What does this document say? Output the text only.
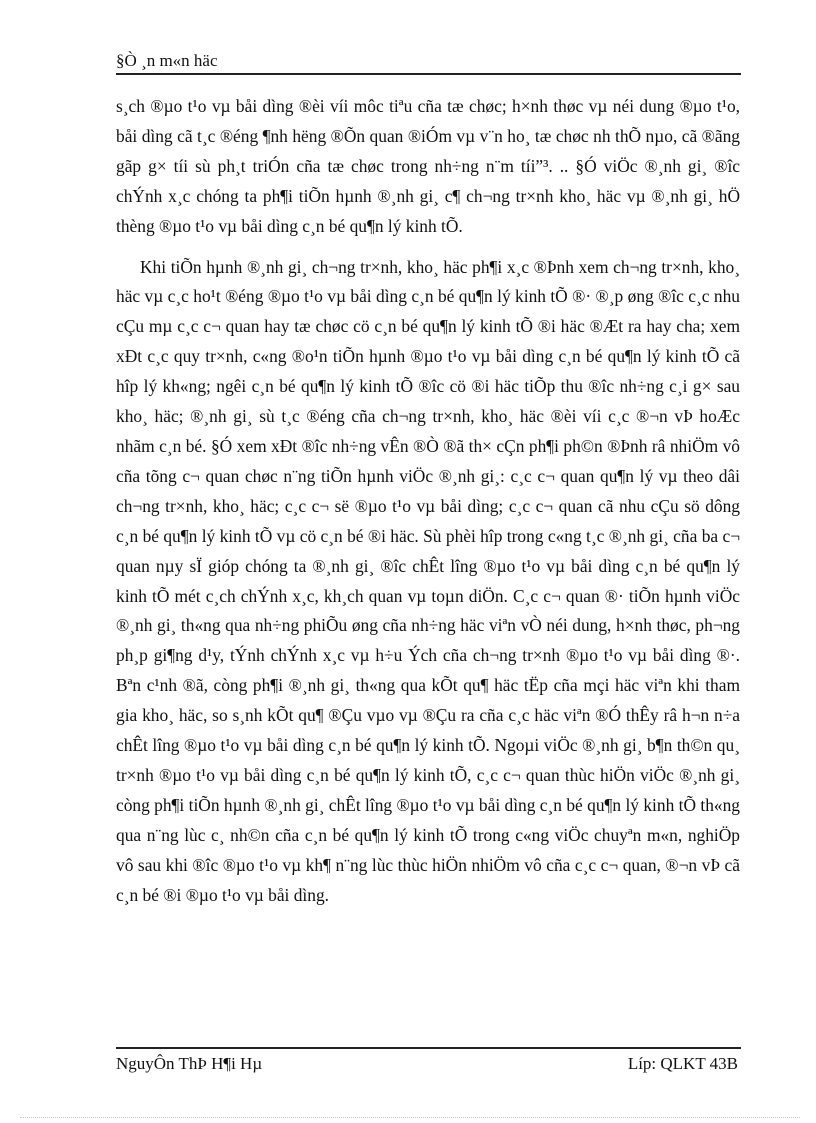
§Ò ¸n m«n häc

s¸ch ®µo t¹o vµ båi dìng ®èi víi môc tiªu cña tæ chøc; h×nh thøc vµ néi dung ®µo t¹o, båi dìng cã t¸c ®éng ¶nh hëng ®Õn quan ®iÓm vµ v¨n ho¸ tæ chøc nh thÕ nµo, cã ®ãng gãp g× tíi sù ph¸t triÓn cña tæ chøc trong nh÷ng n¨m tíi”³. .. §Ó viÖc ®¸nh gi¸ ®îc chÝnh x¸c chóng ta ph¶i tiÕn hµnh ®¸nh gi¸ c¶ ch¬ng tr×nh kho¸ häc vµ ®¸nh gi¸ hÖ thèng ®µo t¹o vµ båi dìng c¸n bé qu¶n lý kinh tÕ.

Khi tiÕn hµnh ®¸nh gi¸ ch¬ng tr×nh, kho¸ häc ph¶i x¸c ®Þnh xem ch¬ng tr×nh, kho¸ häc vµ c¸c ho¹t ®éng ®µo t¹o vµ båi dìng c¸n bé qu¶n lý kinh tÕ ®· ®¸p øng ®îc c¸c nhu cÇu mµ c¸c c¬ quan hay tæ chøc cö c¸n bé qu¶n lý kinh tÕ ®i häc ®Æt ra hay cha; xem xÐt c¸c quy tr×nh, c«ng ®o¹n tiÕn hµnh ®µo t¹o vµ båi dìng c¸n bé qu¶n lý kinh tÕ cã hîp lý kh«ng; ngêi c¸n bé qu¶n lý kinh tÕ ®îc cö ®i häc tiÕp thu ®îc nh÷ng c¸i g× sau kho¸ häc; ®¸nh gi¸ sù t¸c ®éng cña ch¬ng tr×nh, kho¸ häc ®èi víi c¸c ®¬n vÞ hoÆc nhãm c¸n bé. §Ó xem xÐt ®îc nh÷ng vÊn ®Ò ®ã th× cÇn ph¶i ph©n ®Þnh râ nhiÖm vô cña tõng c¬ quan chøc n¨ng tiÕn hµnh viÖc ®¸nh gi¸: c¸c c¬ quan qu¶n lý vµ theo dâi ch¬ng tr×nh, kho¸ häc; c¸c c¬ së ®µo t¹o vµ båi dìng; c¸c c¬ quan cã nhu cÇu sö dông c¸n bé qu¶n lý kinh tÕ vµ cö c¸n bé ®i häc. Sù phèi hîp trong c«ng t¸c ®¸nh gi¸ cña ba c¬ quan nµy sÏ gióp chóng ta ®¸nh gi¸ ®îc chÊt lîng ®µo t¹o vµ båi dìng c¸n bé qu¶n lý kinh tÕ mét c¸ch chÝnh x¸c, kh¸ch quan vµ toµn diÖn. C¸c c¬ quan ®· tiÕn hµnh viÖc ®¸nh gi¸ th«ng qua nh÷ng phiÕu øng cña nh÷ng häc viªn vÒ néi dung, h×nh thøc, ph¬ng ph¸p gi¶ng d¹y, tÝnh chÝnh x¸c vµ h÷u Ých cña ch¬ng tr×nh ®µo t¹o vµ båi dìng ®·. Bªn c¹nh ®ã, còng ph¶i ®¸nh gi¸ th«ng qua kÕt qu¶ häc tËp cña mçi häc viªn khi tham gia kho¸ häc, so s¸nh kÕt qu¶ ®Çu vµo vµ ®Çu ra cña c¸c häc viªn ®Ó thÊy râ h¬n n÷a chÊt lîng ®µo t¹o vµ båi dìng c¸n bé qu¶n lý kinh tÕ. Ngoµi viÖc ®¸nh gi¸ b¶n th©n qu¸ tr×nh ®µo t¹o vµ båi dìng c¸n bé qu¶n lý kinh tÕ, c¸c c¬ quan thùc hiÖn viÖc ®¸nh gi¸ còng ph¶i tiÕn hµnh ®¸nh gi¸ chÊt lîng ®µo t¹o vµ båi dìng c¸n bé qu¶n lý kinh tÕ th«ng qua n¨ng lùc c¸ nh©n cña c¸n bé qu¶n lý kinh tÕ trong c«ng viÖc chuyªn m«n, nghiÖp vô sau khi ®îc ®µo t¹o vµ kh¶ n¨ng lùc thùc hiÖn nhiÖm vô cña c¸c c¬ quan, ®¬n vÞ cã c¸n bé ®i ®µo t¹o vµ båi dìng.

NguyÔn ThÞ H¶i Hµ	Líp: QLKT 43B
